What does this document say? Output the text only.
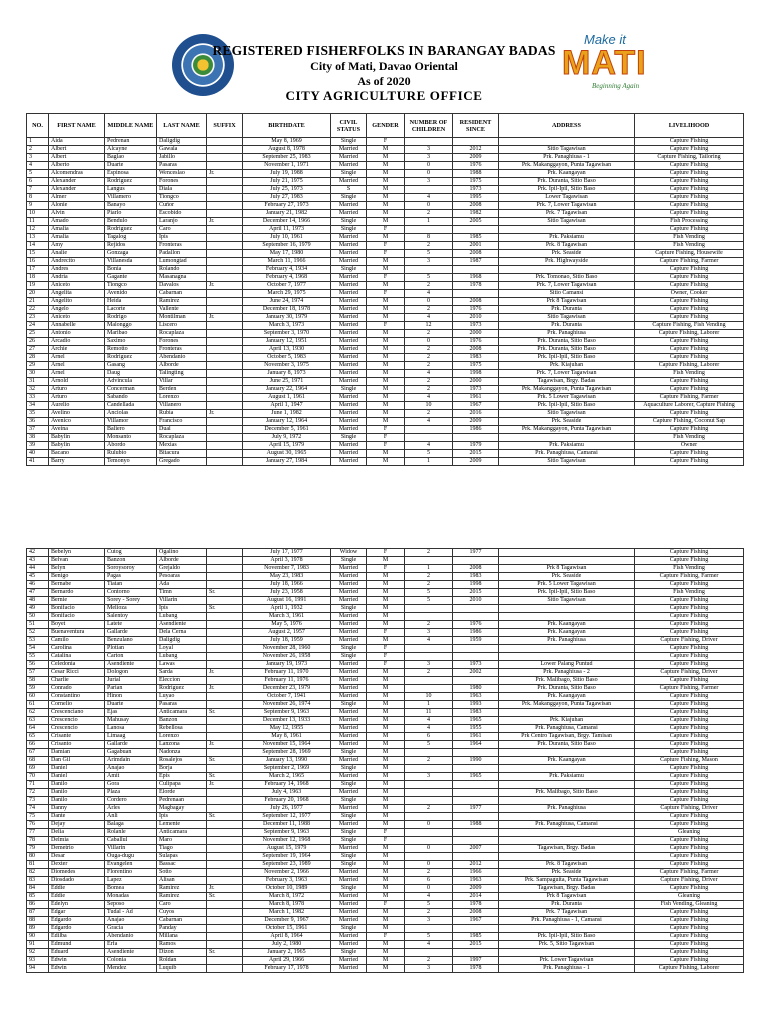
Make it
MATI
Beginning Again
REGISTERED FISHERFOLKS IN BARANGAY BADAS
City of Mati, Davao Oriental
As of 2020
CITY AGRICULTURE OFFICE
NO.	FIRST NAME	MIDDLE NAME	LAST NAME	SUFFIX	BIRTHDATE	CIVIL STATUS	GENDER	NUMBER OF CHILDREN	RESIDENT SINCE	ADDRESS	LIVELIHOOD
1	Aida	Pedrenan	Daligdig		May 8, 1969	Single	F				Capture Fishing
2	Albert	Alcayne	Gawala		August 8, 1978	Married	M	3	2012	Sitio Tagawisan	Capture Fishing
3	Albert	Baglao	Jabillo		September 25, 1983	Married	M	3	2009	Prk. Panaghiusa - 1	Capture Fishing, Tailoring
4	Alberto	Duarte	Pasaras		November 1, 1971	Married	M	0	1976	Prk. Makanggayon, Punta Tagawisan	Capture Fishing
5	Alcomendras	Espinosa	Wenceslao	Jr.	July 19, 1988	Single	M	0	1988	Prk. Kaangayan	Capture Fishing
6	Alexander	Rodriguez	Forones		July 21, 1975	Married	M	3	1975	Prk. Duranta, Sitio Baso	Capture Fishing
7	Alexander	Langus	Diala		July 25, 1973	S	M		1973	Prk. Ipil-Ipil, Sitio Baso	Capture Fishing
8	Almer	Villamero	Tiongco		July 27, 1983	Single	M	4	1995	Lower Tagawisan	Capture Fishing
9	Alonie	Banayo	Cuñor		February 27, 1973	Married	M	0	2008	Prk. 7, Lower Tagawisan	Capture Fishing
10	Alvin	Piarlo	Escobido		January 21, 1982	Married	M	2	1982	Prk. 7 Tagawisan	Capture Fishing
11	Amado	Bendulo	Laranjo	Jr.	December 14, 1966	Single	M	1	2005	Sitio Tagawisan	Fish Processing
12	Amalia	Rodriguez	Caro		April 11, 1973	Single	F				Capture Fishing
13	Amalia	Tagalog	Ipis		July 10, 1961	Married	M	8	1985	Prk. Paksiamu	Fish Vending
14	Amy	Rejidos	Fronteras		September 16, 1979	Married	F	2	2001	Prk. 8 Tagawisan	Fish Vending
15	Analie	Gonzaga	Padallon		May 17, 1980	Married	F	5	2008	Prk. Seaside	Capture Fishing, Housewife
16	Andrecito	Villanesda	Lumongtad		March 11, 1966	Married	M	3	1987	Prk. Highwayside	Capture Fishing, Farmer
17	Andres	Bonia	Rolando		February 4, 1934	Single	M				Capture Fishing
18	Andria	Gagante	Masanagna		February 4, 1968	Married	F	5	1968	Prk. Tomonao, Sitio Baso	Capture Fishing
19	Aniceto	Tiongco	Davalos	Jr.	October 7, 1977	Married	M	2	1978	Prk. 7, Lower Tagawisan	Capture Fishing
20	Angelita	Avenido	Cabarnan		March 29, 1975	Married	F	4		Sitio Camansi	Owner, Cooker
21	Angelito	Heida	Ramirez		June 24, 1974	Married	M	0	2008	Prk 8 Tagawisan	Capture Fishing
22	Angelo	Lacorte	Vallente		December 18, 1978	Married	M	2	1976	Prk. Duranta	Capture Fishing
23	Aniceto	Rodrigo	Montilman	Jr.	January 30, 1979	Married	M	4	2010	Sitio Tagawisan	Capture Fishing
24	Annabelle	Malonggo	Liscero		March 3, 1973	Married	F	12	1973	Prk. Duranta	Capture Fishing, Fish Vending
25	Antonio	Maribao	Rocaplaza		September 3, 1970	Married	M	2	2000	Prk. Panaghiusa	Capture Fishing, Laborer
26	Arcadio	Saximo	Forones		January 12, 1951	Married	M	0	1976	Prk. Duranta, Sitio Baso	Capture Fishing
27	Archie	Remotto	Fronteras		April 13, 1930	Married	M	2	2008	Prk. Duranta, Sitio Baso	Capture Fishing
28	Arnel	Rodriguez	Abendanio		October 5, 1983	Married	M	2	1983	Prk. Ipil-Ipil, Sitio Baso	Capture Fishing
29	Arnel	Gasang	Alborde		November 3, 1975	Married	M	2	1975	Prk. Kiajuhan	Capture Fishing, Laborer
30	Arnel	Daug	Talingting		January 8, 1973	Married	M	4	1998	Prk. 7, Lower Tagawisan	Fish Vending
31	Arnold	Advincula	Villar		June 25, 1971	Married	M	2	2000	Tagawisan, Brgy. Badas	Capture Fishing
32	Arturo	Concerman	Berden		January 22, 1964	Single	M	2	1973	Prk. Makanggayon, Punta Tagawisan	Capture Fishing
33	Arturo	Sabando	Lorenzo		August 1, 1961	Married	M	4	1961	Prk. 5 Lower Tagawisan	Capture Fishing, Farmer
34	Aurelio	Candellada	Villanero		April 1, 1947	Married	M	10	1967	Prk. Ipil-Ipil, Sitio Baso	Aquaculture Laborer, Capture Fishing
35	Avelino	Anciolas	Rubia	Jr.	June 1, 1982	Married	M	2	2016	Sitio Tagawisan	Capture Fishing
36	Avenico	Villamor	Francisco		January 12, 1964	Married	M	4	2009	Prk. Seaside	Capture Fishing, Coconut Sap
37	Aveina	Baliero	Dual		December 5, 1961	Married	F		1986	Prk. Makanggayon, Punta Tagawisan	Capture Fishing
38	Babylin	Monsanto	Rocaplaza		July 9, 1972	Single	F				Fish Vending
39	Babylin	Abordo	Mexias		April 15, 1979	Married	F	4	1979	Prk. Paksiamu	Owner
40	Bacano	Rulubio	Bitacura		August 30, 1965	Married	M	5	2015	Prk. Panaghiusa, Camansi	Capture Fishing
41	Barry	Temonyo	Gregado		January 27, 1984	Married	M	1	2009	Sitio Tagawisan	Capture Fishing
42	Bebelyn	Cutog	Ogalino		July 17, 1977	Widow	F	2	1977		Capture Fishing
43	Belvan	Banzon	Alborde		April 3, 1978	Single	M				Capture Fishing
44	Belyn	Soroysoroy	Grejaldo		November 7, 1983	Married	F	1	2008	Prk 8 Tagawisan	Fish Vending
45	Benigo	Pagas	Pesoaras		May 23, 1983	Married	M	2	1983	Prk. Seaside	Capture Fishing, Farmer
46	Bernabe	Tiatan	Ada		July 18, 1966	Married	M	2	1998	Prk. 5 Lower Tagawisan	Capture Fishing
47	Bernardo	Contorno	Timn	Sr.	July 23, 1958	Married	M	5	2015	Prk. Ipil-Ipil, Sitio Baso	Fish Vending
48	Bernie	Sorey - Sorey	Villarin		August 16, 1991	Married	M	5	2010	Sitio Tagawisan	Capture Fishing
49	Bonifacio	Melioza	Ipis	Sr.	April 1, 1932	Single	M				Capture Fishing
50	Bonifacio	Salentoy	Lubang		March 3, 1961	Married	M				Capture Fishing
51	Boyet	Latete	Asendiente		May 5, 1976	Married	M	2	1976	Prk. Kaangayan	Capture Fishing
52	Buenaventura	Gallarde	Dela Cerna		August 2, 1957	Married	F	3	1986	Prk. Kaangayan	Capture Fishing
53	Camilo	Benzulano	Daligdig		July 18, 1959	Married	M	4	1959	Prk. Panaghiusa	Capture Fishing, Driver
54	Carolina	Plotian	Loyal		November 28, 1960	Single	F				Capture Fishing
55	Catalina	Carton	Lubang		November 26, 1958	Single	F				Capture Fishing
56	Celedonia	Asendiente	Lawas		January 19, 1973	Married	F	3	1973	Lower Palang Puntud	Capture Fishing
57	Cesar Ricci	Dologon	Sarda	Jr.	February 11, 1970	Married	M	2	2002	Prk. Panaghiusa - 2	Capture Fishing, Driver
58	Charlie	Jurial	Eleccion		February 11, 1976	Married	M			Prk. Malibago, Sitio Baso	Capture Fishing
59	Conrado	Parian	Rodriguez	Jr.	December 23, 1979	Married	M		1980	Prk. Duranta, Sitio Baso	Capture Fishing, Farmer
60	Constantino	Hinon	Luyao		October 7, 1941	Married	M	10	1963	Prk. Kaangayan	Capture Fishing
61	Cornelio	Duarte	Pasaras		November 26, 1974	Single	M	1	1993	Prk. Makanggayon, Punta Tagawisan	Capture Fishing
62	Crescenciano	Ejas	Anticamara	Sr.	September 9, 1963	Married	M	11	1983		Capture Fishing
63	Crescencio	Mahusay	Banzon		December 13, 1933	Married	M	4	1965	Prk. Kiajuhan	Capture Fishing
64	Crescencio	Lanosa	Rebellosa		May 12, 1955	Married	M	4	1955	Prk. Panaghiusa, Camansi	Capture Fishing
65	Crisante	Limaag	Lorenzo		May 8, 1961	Married	M	6	1961	Prk Centro Tagawisan, Brgy. Tamisan	Capture Fishing
66	Crisanto	Gallarde	Lanzona	Jr.	November 15, 1964	Married	M	5	1964	Prk. Duranta, Sitio Baso	Capture Fishing
67	Damian	Gagabuan	Nadonza		September 28, 1969	Single	M				Capture Fishing
68	Dan Gil	Arimdain	Rosalejos	Sr.	January 13, 1990	Married	M	2	1990	Prk. Kaangayan	Capture Fishing, Mason
69	Daniel	Anajao	Borja		September 2, 1969	Single	M				Capture Fishing
70	Daniel	Amit	Epis	Sr.	March 2, 1965	Married	M	3	1965	Prk. Paksiamu	Capture Fishing
71	Danilo	Gora	Culipapa	Jr.	February 14, 1968	Single	M				Capture Fishing
72	Danilo	Plaza	Elorde		July 4, 1963	Married	M			Prk. Malibago, Sitio Baso	Capture Fishing
73	Danilo	Cordero	Pedrenaan		February 20, 1968	Single	M				Capture Fishing
74	Danny	Arles	Magbagay		July 26, 1977	Married	M	2	1977	Prk. Panaghiusa	Capture Fishing, Driver
75	Dante	Anli	Ipis	Sr.	September 12, 1977	Single	M				Capture Fishing
76	Dejay	Balaga	Lemente		December 11, 1988	Married	M	0	1988	Prk. Panaghiusa, Camansi	Capture Fishing
77	Delia	Rolanle	Anticamara		September 9, 1963	Single	F				Gleaning
78	Delmia	Caballul	Maro		November 12, 1968	Single	F				Capture Fishing
79	Demetrio	Villarin	Tiago		August 15, 1979	Married	M	0	2007	Tagawisan, Brgy. Badas	Capture Fishing
80	Desar	Ouga-dugu	Sulapas		September 19, 1964	Single	M				Capture Fishing
81	Dexter	Evangelen	Bassac		September 23, 1989	Single	M	0	2012	Prk. 8 Tagawisan	Capture Fishing
82	Diomedes	Florentino	Sotto		November 2, 1966	Married	M	2	1966	Prk. Seaside	Capture Fishing, Farmer
83	Diosdado	Lapez	Alisan		February 3, 1963	Married	M	6	1963	Prk. Sampaguita, Punta Tagawisan	Capture Fishing, Driver
84	Eddie	Bomea	Ramirez	Jr.	October 10, 1989	Single	M	0	2009	Tagawisan, Brgy. Badas	Capture Fishing
85	Eddie	Monadas	Ramirez	Sr.	March 8, 1972	Married	M	4	2014	Prk 8 Tagawisan	Gleaning
86	Edelyn	Seposo	Caro		March 8, 1978	Married	F	5	1978	Prk. Duranta	Fish Vending, Gleaning
87	Edgar	Tudal - Ad	Cuyos		March 1, 1982	Married	M	2	2008	Prk. 7 Tagawisan	Capture Fishing
88	Edgardo	Anajao	Cabarnan		December 9, 1967	Married	M	3	1967	Prk. Panaghiusa - 1, Camansi	Capture Fishing
89	Edgardo	Gracia	Panday		October 15, 1961	Single	M				Capture Fishing
90	Edilba	Abendanio	Millana		April 8, 1964	Married	F	5	1985	Prk. Ipil-Ipil, Sitio Baso	Capture Fishing
91	Edmund	Erfa	Ramos		July 2, 1980	Married	M	4	2015	Prk. 5, Sitio Tagawisan	Capture Fishing
92	Eduard	Asendiente	Dizon	Sr.	January 2, 1965	Single	M				Capture Fishing
93	Edwin	Colonia	Roldan		April 29, 1966	Married	M	2	1997	Prk. Lower Tagawisan	Capture Fishing
94	Edwin	Mendez	Luquib		February 17, 1978	Married	M	3	1978	Prk. Panaghiusa - 1	Capture Fishing, Laborer
